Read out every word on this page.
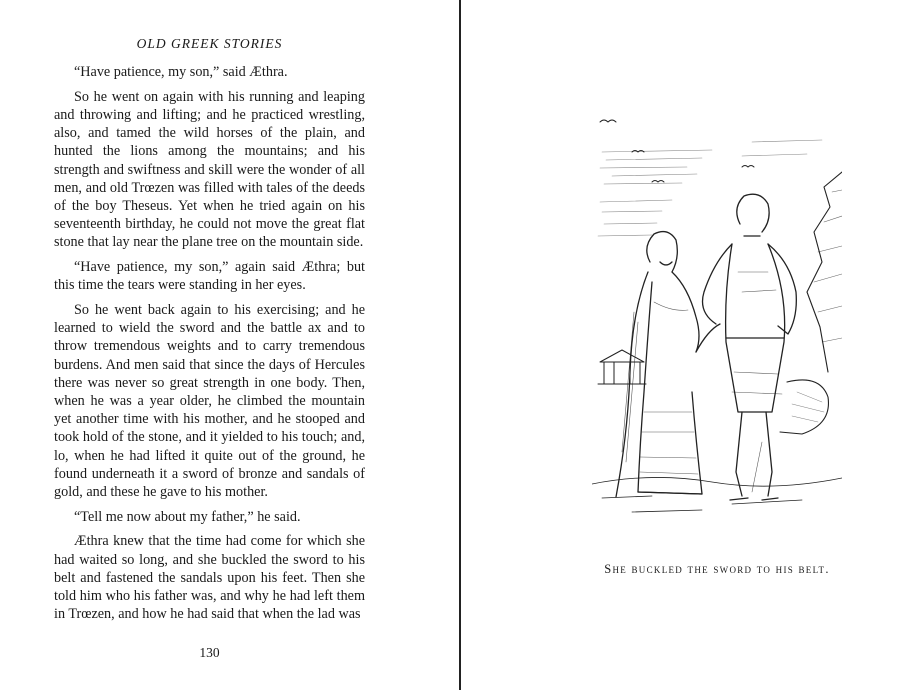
OLD GREEK STORIES

“Have patience, my son,” said Æthra.

So he went on again with his running and leaping and throwing and lifting; and he practiced wrestling, also, and tamed the wild horses of the plain, and hunted the lions among the mountains; and his strength and swiftness and skill were the wonder of all men, and old Trœzen was filled with tales of the deeds of the boy Theseus. Yet when he tried again on his seventeenth birthday, he could not move the great flat stone that lay near the plane tree on the mountain side.

“Have patience, my son,” again said Æthra; but this time the tears were standing in her eyes.

So he went back again to his exercising; and he learned to wield the sword and the battle ax and to throw tremendous weights and to carry tremendous burdens. And men said that since the days of Hercules there was never so great strength in one body. Then, when he was a year older, he climbed the mountain yet another time with his mother, and he stooped and took hold of the stone, and it yielded to his touch; and, lo, when he had lifted it quite out of the ground, he found underneath it a sword of bronze and sandals of gold, and these he gave to his mother.

“Tell me now about my father,” he said.

Æthra knew that the time had come for which she had waited so long, and she buckled the sword to his belt and fastened the sandals upon his feet. Then she told him who his father was, and why he had left them in Trœzen, and how he had said that when the lad was

130
She buckled the sword to his belt.
